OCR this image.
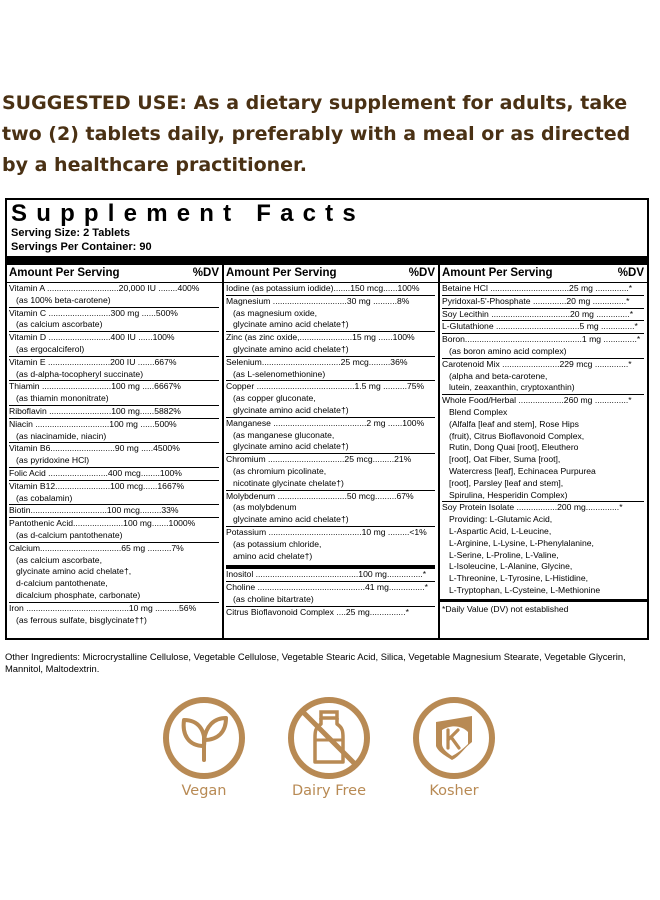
SUGGESTED USE: As a dietary supplement for adults, take two (2) tablets daily, preferably with a meal or as directed by a healthcare practitioner.

Supplement Facts
Serving Size: 2 Tablets
Servings Per Container: 90
Amount Per Serving	%DV
Vitamin A ..............................20,000 IU ........400%
(as 100% beta-carotene)
Vitamin C ..........................300 mg ......500%
(as calcium ascorbate)
Vitamin D ..........................400 IU ......100%
(as ergocalciferol)
Vitamin E ..........................200 IU .......667%
(as d-alpha-tocopheryl succinate)
Thiamin .............................100 mg .....6667%
(as thiamin mononitrate)
Riboflavin ..........................100 mg......5882%
Niacin ...............................100 mg ......500%
(as niacinamide, niacin)
Vitamin B6...........................90 mg .....4500%
(as pyridoxine HCl)
Folic Acid .........................400 mcg........100%
Vitamin B12.......................100 mcg......1667%
(as cobalamin)
Biotin................................100 mcg.........33%
Pantothenic Acid.....................100 mg.......1000%
(as d-calcium pantothenate)
Calcium..................................65 mg ..........7%
(as calcium ascorbate,
glycinate amino acid chelate†,
d-calcium pantothenate,
dicalcium phosphate, carbonate)
Iron ...........................................10 mg ..........56%
(as ferrous sulfate, bisglycinate††)
Amount Per Serving	%DV
Iodine (as potassium iodide).......150 mcg......100%
Magnesium ...............................30 mg ..........8%
(as magnesium oxide,
glycinate amino acid chelate†)
Zinc (as zinc oxide,......................15 mg ......100%
glycinate amino acid chelate†)
Selenium.................................25 mcg.........36%
(as L-selenomethionine)
Copper .........................................1.5 mg ..........75%
(as copper gluconate,
glycinate amino acid chelate†)
Manganese .......................................2 mg ......100%
(as manganese gluconate,
glycinate amino acid chelate†)
Chromium ................................25 mcg.........21%
(as chromium picolinate,
nicotinate glycinate chelate†)
Molybdenum .............................50 mcg.........67%
(as molybdenum
glycinate amino acid chelate†)
Potassium .......................................10 mg .........<1%
(as potassium chloride,
amino acid chelate†)
Inositol ...........................................100 mg...............*
Choline .............................................41 mg...............*
(as choline bitartrate)
Citrus Bioflavonoid Complex ....25 mg...............*
Amount Per Serving	%DV
Betaine HCl .................................25 mg ..............*
Pyridoxal-5'-Phosphate ..............20 mg ..............*
Soy Lecithin .................................20 mg ..............*
L-Glutathione ...................................5 mg ..............*
Boron.................................................1 mg ..............*
(as boron amino acid complex)
Carotenoid Mix ........................229 mcg ..............*
(alpha and beta-carotene,
lutein, zeaxanthin, cryptoxanthin)
Whole Food/Herbal ...................260 mg ..............*
Blend Complex
(Alfalfa [leaf and stem], Rose Hips
(fruit), Citrus Bioflavonoid Complex,
Rutin, Dong Quai [root], Eleuthero
[root], Oat Fiber, Suma [root],
Watercress [leaf], Echinacea Purpurea
[root], Parsley [leaf and stem],
Spirulina, Hesperidin Complex)
Soy Protein Isolate .................200 mg..............*
Providing: L-Glutamic Acid,
L-Aspartic Acid, L-Leucine,
L-Arginine, L-Lysine, L-Phenylalanine,
L-Serine, L-Proline, L-Valine,
L-Isoleucine, L-Alanine, Glycine,
L-Threonine, L-Tyrosine, L-Histidine,
L-Tryptophan, L-Cysteine, L-Methionine
*Daily Value (DV) not established

Other Ingredients: Microcrystalline Cellulose, Vegetable Cellulose, Vegetable Stearic Acid, Silica, Vegetable Magnesium Stearate, Vegetable Glycerin, Mannitol, Maltodextrin.

Vegan	Dairy Free	Kosher
